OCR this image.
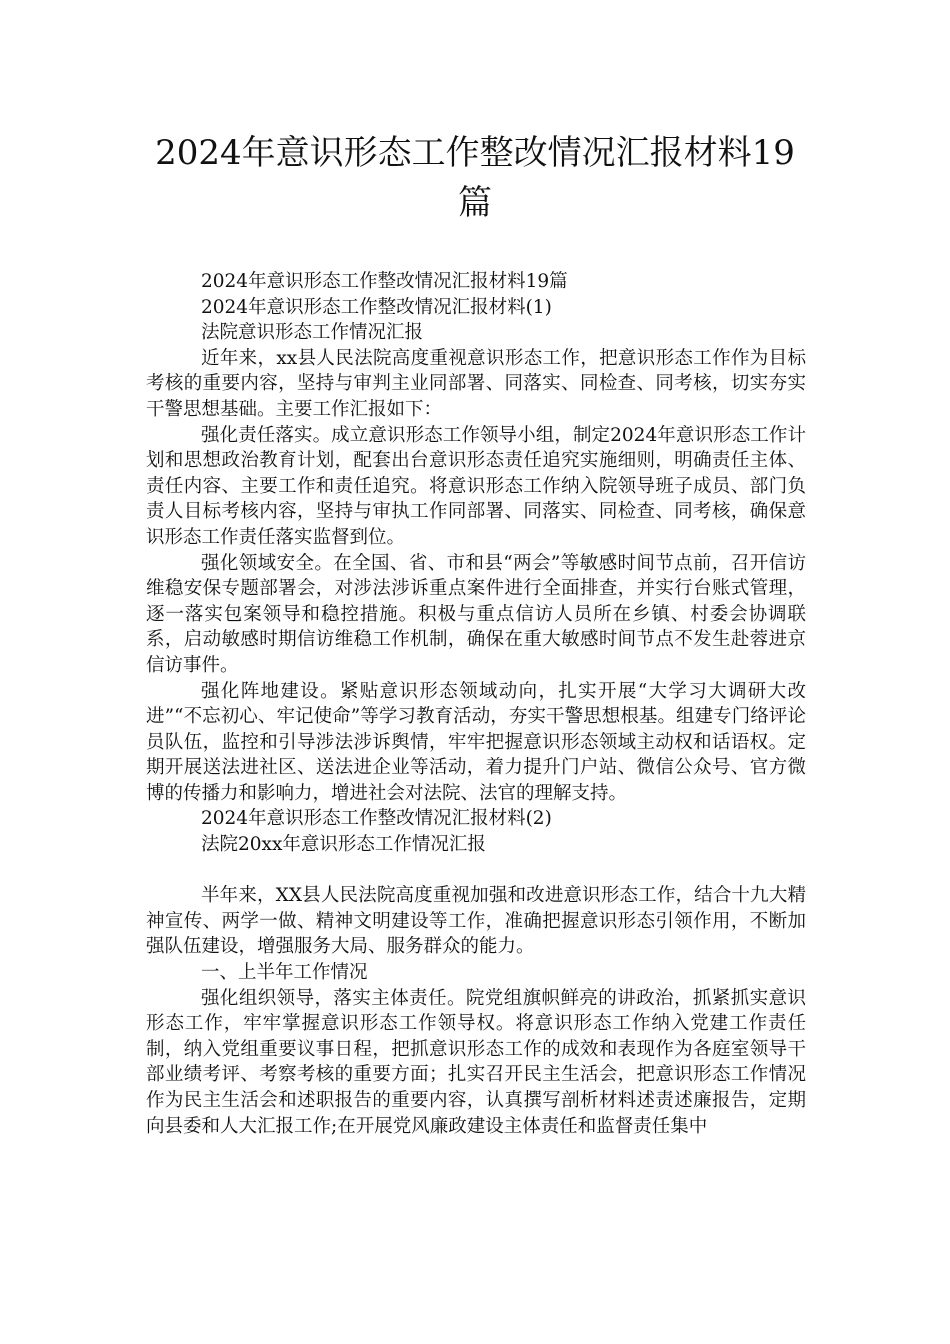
2024年意识形态工作整改情况汇报材料19篇

2024年意识形态工作整改情况汇报材料19篇

2024年意识形态工作整改情况汇报材料(1)

法院意识形态工作情况汇报

近年来，xx县人民法院高度重视意识形态工作，把意识形态工作作为目标考核的重要内容，坚持与审判主业同部署、同落实、同检查、同考核，切实夯实干警思想基础。主要工作汇报如下：

强化责任落实。成立意识形态工作领导小组，制定2024年意识形态工作计划和思想政治教育计划，配套出台意识形态责任追究实施细则，明确责任主体、责任内容、主要工作和责任追究。将意识形态工作纳入院领导班子成员、部门负责人目标考核内容，坚持与审执工作同部署、同落实、同检查、同考核，确保意识形态工作责任落实监督到位。

强化领域安全。在全国、省、市和县“两会”等敏感时间节点前，召开信访维稳安保专题部署会，对涉法涉诉重点案件进行全面排查，并实行台账式管理，逐一落实包案领导和稳控措施。积极与重点信访人员所在乡镇、村委会协调联系，启动敏感时期信访维稳工作机制，确保在重大敏感时间节点不发生赴蓉进京信访事件。

强化阵地建设。紧贴意识形态领域动向，扎实开展“大学习大调研大改进”“不忘初心、牢记使命”等学习教育活动，夯实干警思想根基。组建专门络评论员队伍，监控和引导涉法涉诉舆情，牢牢把握意识形态领域主动权和话语权。定期开展送法进社区、送法进企业等活动，着力提升门户站、微信公众号、官方微博的传播力和影响力，增进社会对法院、法官的理解支持。

2024年意识形态工作整改情况汇报材料(2)

法院20xx年意识形态工作情况汇报

半年来，XX县人民法院高度重视加强和改进意识形态工作，结合十九大精神宣传、两学一做、精神文明建设等工作，准确把握意识形态引领作用，不断加强队伍建设，增强服务大局、服务群众的能力。

一、上半年工作情况

强化组织领导，落实主体责任。院党组旗帜鲜亮的讲政治，抓紧抓实意识形态工作，牢牢掌握意识形态工作领导权。将意识形态工作纳入党建工作责任制，纳入党组重要议事日程，把抓意识形态工作的成效和表现作为各庭室领导干部业绩考评、考察考核的重要方面；扎实召开民主生活会，把意识形态工作情况作为民主生活会和述职报告的重要内容，认真撰写剖析材料述责述廉报告，定期向县委和人大汇报工作;在开展党风廉政建设主体责任和监督责任集中
